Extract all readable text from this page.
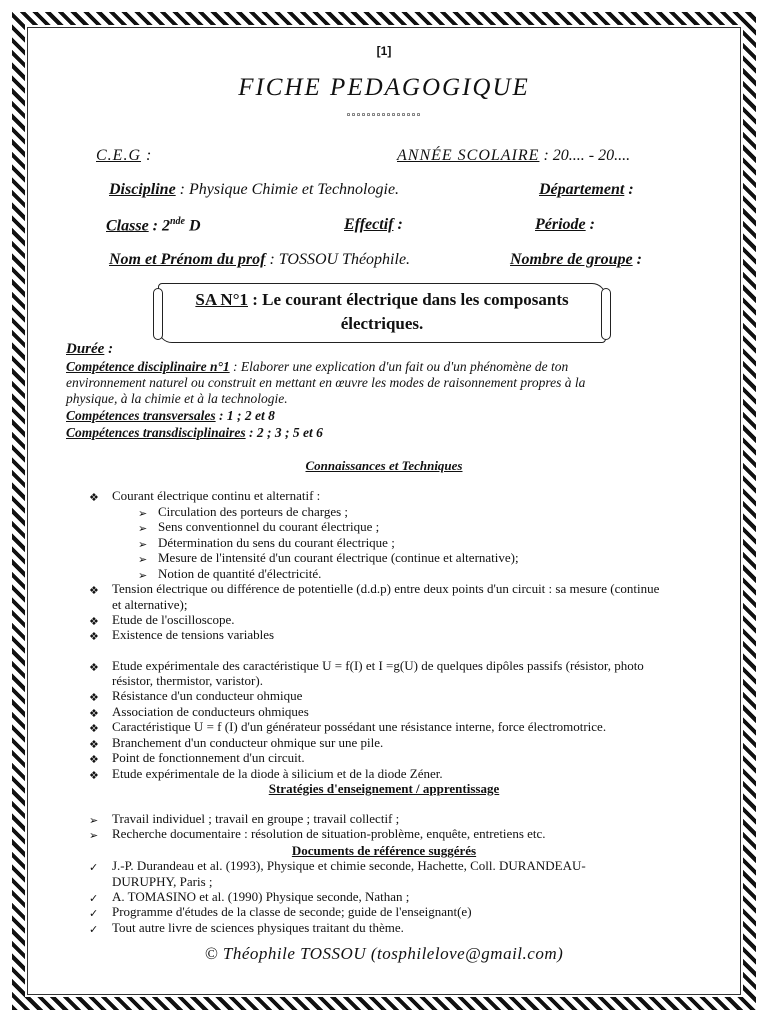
[1]
FICHE PEDAGOGIQUE
°°°°°°°°°°°°°°°
C.E.G :	ANNÉE SCOLAIRE : 20.... - 20....
Discipline : Physique Chimie et Technologie.	Département :
Classe : 2nde D	Effectif :	Période :
Nom et Prénom du prof : TOSSOU Théophile.	Nombre de groupe :
SA N°1 : Le courant électrique dans les composants électriques.
Durée :
Compétence disciplinaire n°1 : Elaborer une explication d'un fait ou d'un phénomène de ton
environnement naturel ou construit en mettant en œuvre les modes de raisonnement propres à la
physique, à la chimie et à la technologie.
Compétences transversales : 1 ; 2 et 8
Compétences transdisciplinaires : 2 ; 3 ; 5 et 6
Connaissances et Techniques
❖ Courant électrique continu et alternatif :
➢ Circulation des porteurs de charges ;
➢ Sens conventionnel du courant électrique ;
➢ Détermination du sens du courant électrique ;
➢ Mesure de l'intensité d'un courant électrique (continue et alternative);
➢ Notion de quantité d'électricité.
❖ Tension électrique ou différence de potentielle (d.d.p) entre deux points d'un circuit : sa mesure (continue
et alternative);
❖ Etude de l'oscilloscope.
❖ Existence de tensions variables
❖ Etude expérimentale des caractéristique U = f(I) et I =g(U) de quelques dipôles passifs (résistor, photo
résistor, thermistor, varistor).
❖ Résistance d'un conducteur ohmique
❖ Association de conducteurs ohmiques
❖ Caractéristique U = f (I) d'un générateur possédant une résistance interne, force électromotrice.
❖ Branchement d'un conducteur ohmique sur une pile.
❖ Point de fonctionnement d'un circuit.
❖ Etude expérimentale de la diode à silicium et de la diode Zéner.
Stratégies d'enseignement / apprentissage
➢ Travail individuel ; travail en groupe ; travail collectif ;
➢ Recherche documentaire : résolution de situation-problème, enquête, entretiens etc.
Documents de référence suggérés
✓ J.-P. Durandeau et al. (1993), Physique et chimie seconde, Hachette, Coll. DURANDEAU-
DURUPHY, Paris ;
✓ A. TOMASINO et al. (1990) Physique seconde, Nathan ;
✓ Programme d'études de la classe de seconde; guide de l'enseignant(e)
✓ Tout autre livre de sciences physiques traitant du thème.
© Théophile TOSSOU (tosphilelove@gmail.com)
